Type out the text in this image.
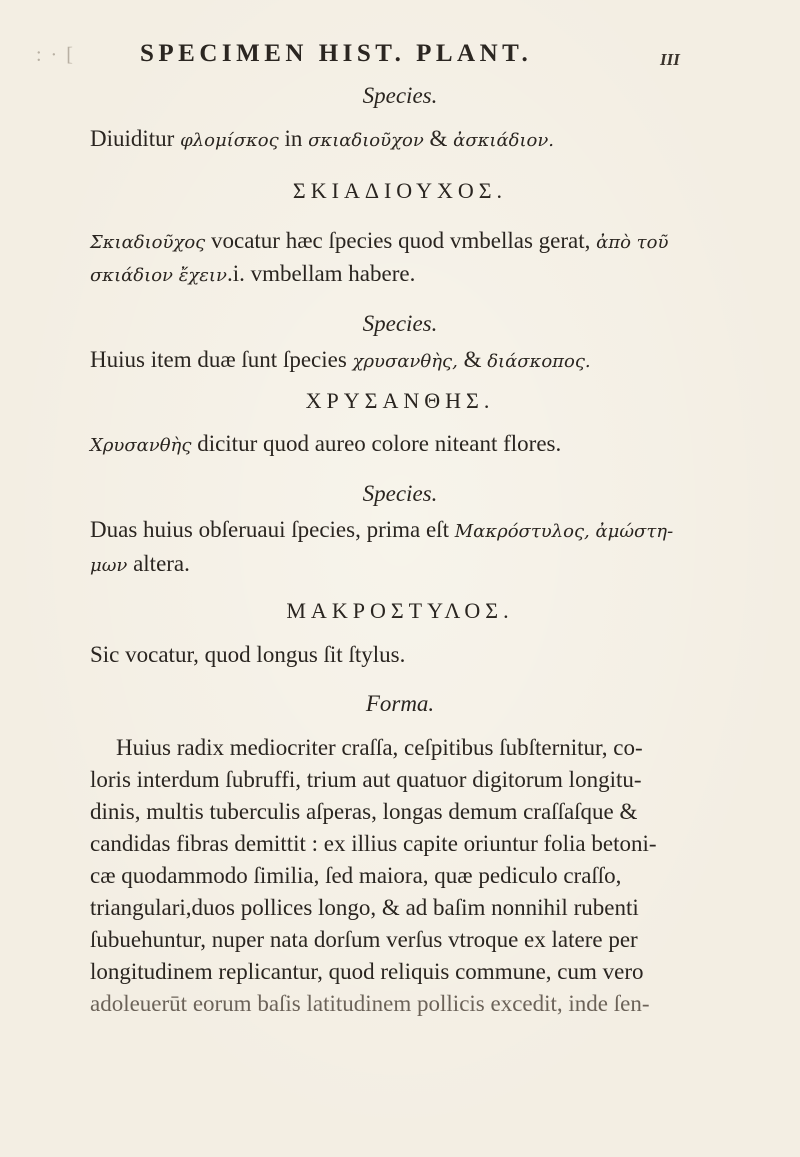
: · [	SPECIMEN HIST. PLANT.	III
Species.
Diuiditur φλομίσκος in σκιαδιοῦχον & ἀσκιάδιον.
ΣΚΙΑΔΙΟΥΧΟΣ.
Σκιαδιοῦχος vocatur hæc ſpecies quod vmbellas gerat, ἀπὸ τοῦ
σκιάδιον ἔχειν.i. vmbellam habere.
Species.
Huius item duæ ſunt ſpecies χρυσανθὴς, & διάσκοπος.
ΧΡΥΣΑΝΘΗΣ.
Χρυσανθὴς dicitur quod aureo colore niteant flores.
Species.
Duas huius obſeruaui ſpecies, prima eſt Μακρόστυλος, ἀμώστη-
μων altera.
ΜΑΚΡΟΣΤΥΛΟΣ.
Sic vocatur, quod longus ſit ſtylus.
Forma.
Huius radix mediocriter craſſa, ceſpitibus ſubſternitur, co-
loris interdum ſubruffi, trium aut quatuor digitorum longitu-
dinis, multis tuberculis aſperas, longas demum craſſaſque &
candidas fibras demittit : ex illius capite oriuntur folia betoni-
cæ quodammodo ſimilia, ſed maiora, quæ pediculo craſſo,
triangulari,duos pollices longo, & ad baſim nonnihil rubenti
ſubuehuntur, nuper nata dorſum verſus vtroque ex latere per
longitudinem replicantur, quod reliquis commune, cum vero
adoleuerūt eorum baſis latitudinem pollicis excedit, inde ſen-
